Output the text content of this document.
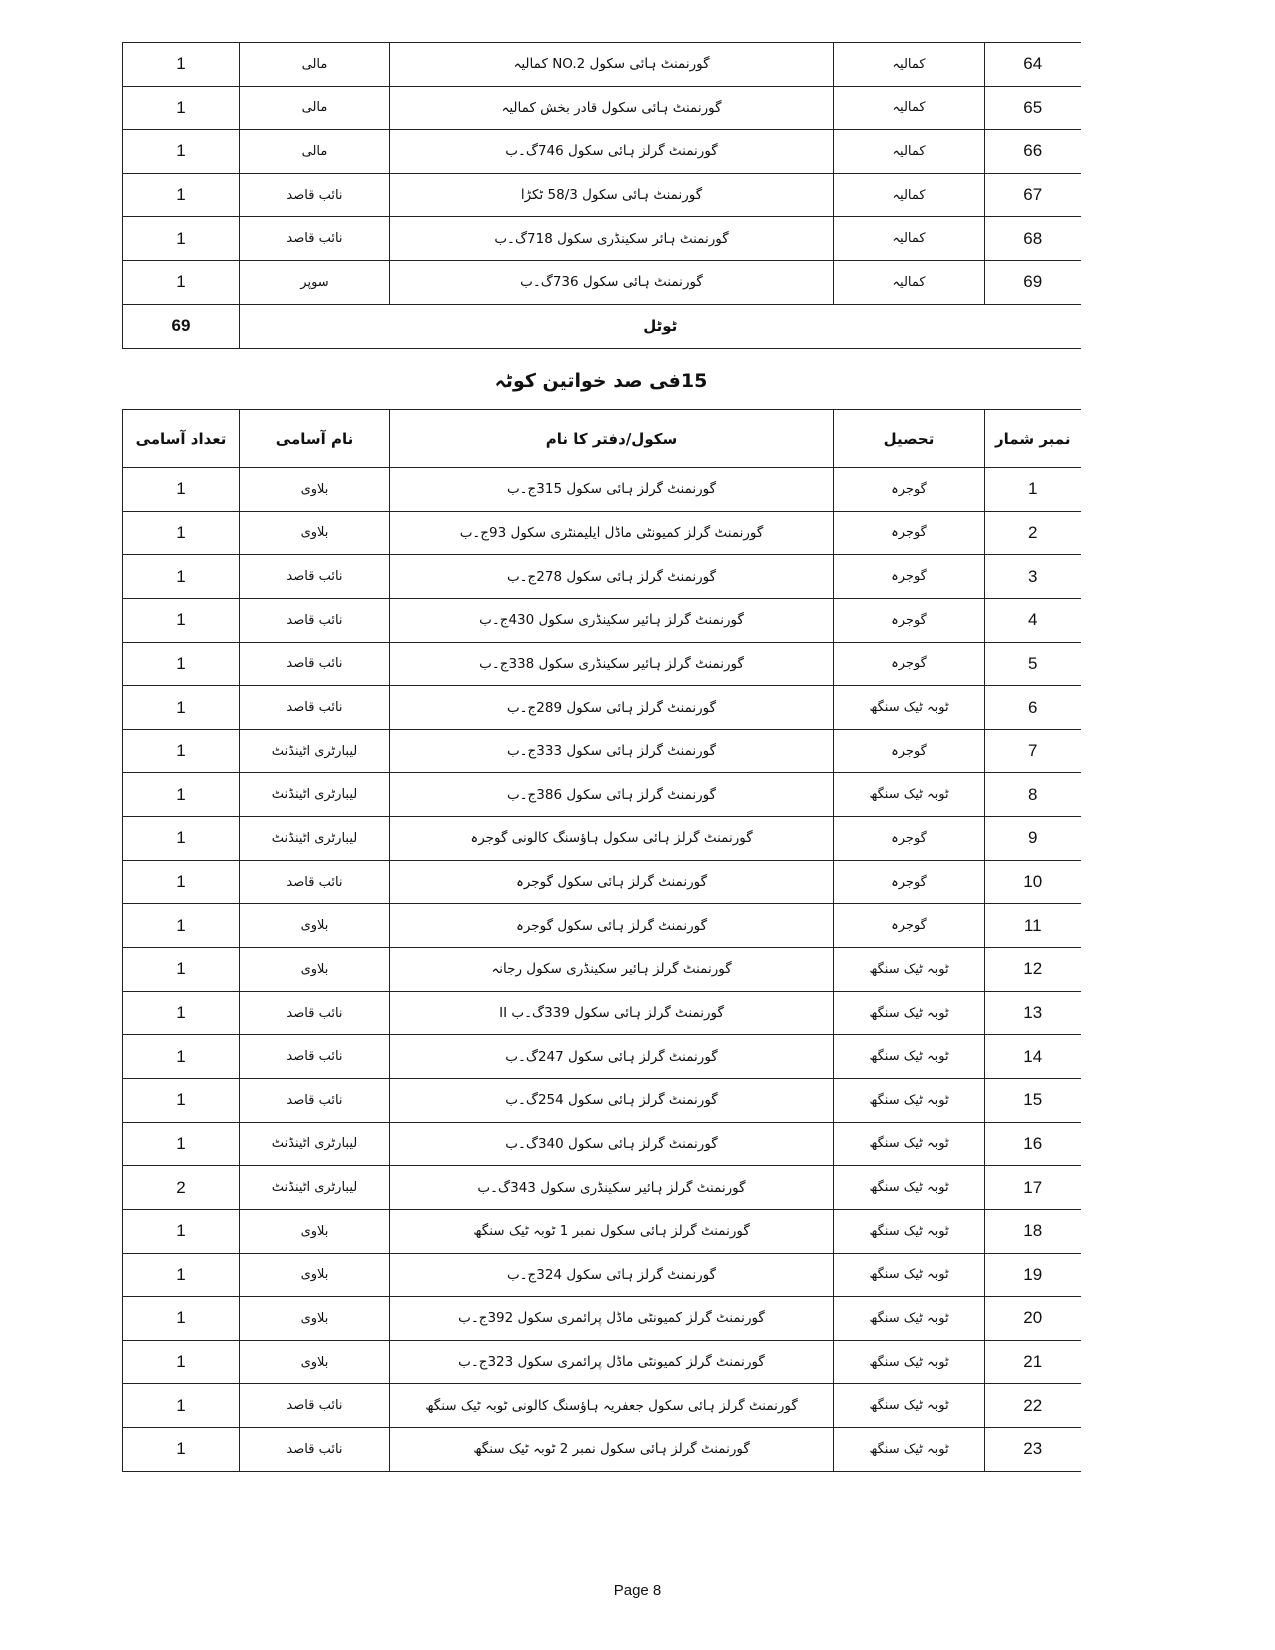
1	مالی	گورنمنٹ ہائی سکول NO.2 کمالیہ	کمالیہ	64
1	مالی	گورنمنٹ ہائی سکول قادر بخش کمالیہ	کمالیہ	65
1	مالی	گورنمنٹ گرلز ہائی سکول 746گ۔ب	کمالیہ	66
1	نائب قاصد	گورنمنٹ ہائی سکول 58/3 ٹکڑا	کمالیہ	67
1	نائب قاصد	گورنمنٹ ہائر سکینڈری سکول 718گ۔ب	کمالیہ	68
1	سوپر	گورنمنٹ ہائی سکول 736گ۔ب	کمالیہ	69
69	ٹوٹل			
15فی صد خواتین کوٹہ
تعداد آسامی	نام آسامی	سکول/دفتر کا نام	تحصیل	نمبر شمار
1	بلاوی	گورنمنٹ گرلز ہائی سکول 315ج۔ب	گوجرہ	1
1	بلاوی	گورنمنٹ گرلز کمیونٹی ماڈل ایلیمنٹری سکول 93ج۔ب	گوجرہ	2
1	نائب قاصد	گورنمنٹ گرلز ہائی سکول 278ج۔ب	گوجرہ	3
1	نائب قاصد	گورنمنٹ گرلز ہائیر سکینڈری سکول 430ج۔ب	گوجرہ	4
1	نائب قاصد	گورنمنٹ گرلز ہائیر سکینڈری سکول 338ج۔ب	گوجرہ	5
1	نائب قاصد	گورنمنٹ گرلز ہائی سکول 289ج۔ب	ٹوبہ ٹیک سنگھ	6
1	لیبارٹری اٹینڈنٹ	گورنمنٹ گرلز ہائی سکول 333ج۔ب	گوجرہ	7
1	لیبارٹری اٹینڈنٹ	گورنمنٹ گرلز ہائی سکول 386ج۔ب	ٹوبہ ٹیک سنگھ	8
1	لیبارٹری اٹینڈنٹ	گورنمنٹ گرلز ہائی سکول ہاؤسنگ کالونی گوجرہ	گوجرہ	9
1	نائب قاصد	گورنمنٹ گرلز ہائی سکول گوجرہ	گوجرہ	10
1	بلاوی	گورنمنٹ گرلز ہائی سکول گوجرہ	گوجرہ	11
1	بلاوی	گورنمنٹ گرلز ہائیر سکینڈری سکول رجانہ	ٹوبہ ٹیک سنگھ	12
1	نائب قاصد	گورنمنٹ گرلز ہائی سکول 339گ۔ب II	ٹوبہ ٹیک سنگھ	13
1	نائب قاصد	گورنمنٹ گرلز ہائی سکول 247گ۔ب	ٹوبہ ٹیک سنگھ	14
1	نائب قاصد	گورنمنٹ گرلز ہائی سکول 254گ۔ب	ٹوبہ ٹیک سنگھ	15
1	لیبارٹری اٹینڈنٹ	گورنمنٹ گرلز ہائی سکول 340گ۔ب	ٹوبہ ٹیک سنگھ	16
2	لیبارٹری اٹینڈنٹ	گورنمنٹ گرلز ہائیر سکینڈری سکول 343گ۔ب	ٹوبہ ٹیک سنگھ	17
1	بلاوی	گورنمنٹ گرلز ہائی سکول نمبر 1 ٹوبہ ٹیک سنگھ	ٹوبہ ٹیک سنگھ	18
1	بلاوی	گورنمنٹ گرلز ہائی سکول 324ج۔ب	ٹوبہ ٹیک سنگھ	19
1	بلاوی	گورنمنٹ گرلز کمیونٹی ماڈل پرائمری سکول 392ج۔ب	ٹوبہ ٹیک سنگھ	20
1	بلاوی	گورنمنٹ گرلز کمیونٹی ماڈل پرائمری سکول 323ج۔ب	ٹوبہ ٹیک سنگھ	21
1	نائب قاصد	گورنمنٹ گرلز ہائی سکول جعفریہ ہاؤسنگ کالونی ٹوبہ ٹیک سنگھ	ٹوبہ ٹیک سنگھ	22
1	نائب قاصد	گورنمنٹ گرلز ہائی سکول نمبر 2 ٹوبہ ٹیک سنگھ	ٹوبہ ٹیک سنگھ	23
Page 8
